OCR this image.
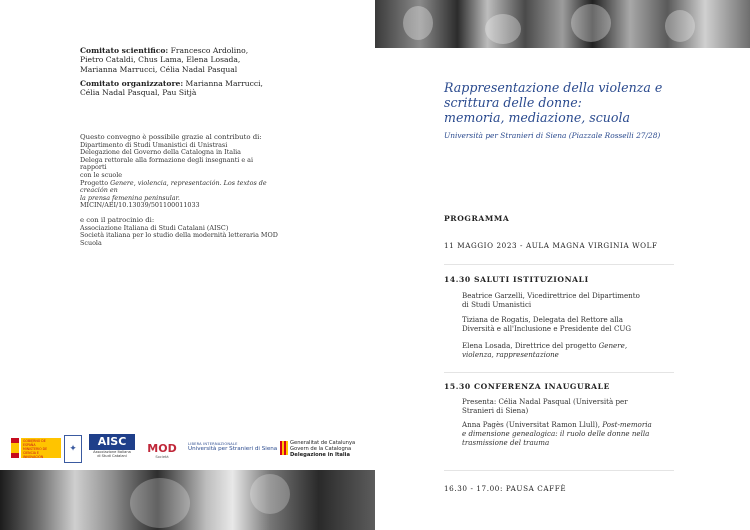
Comitato scientifico: Francesco Ardolino, Pietro Cataldi, Chus Lama, Elena Losada, Marianna Marrucci, Célia Nadal Pasqual
Comitato organizzatore: Marianna Marrucci, Célia Nadal Pasqual, Pau Sitjà
Questo convegno è possibile grazie al contributo di:
Dipartimento di Studi Umanistici di Unistrasi
Delegazione del Governo della Catalogna in Italia
Delega rettorale alla formazione degli insegnanti e ai rapporti
con le scuole
Progetto Genere, violencia, representación. Los textos de creación en
la prensa femenina peninsular. MICIN/AEI/10.13039/501100011033
e con il patrocinio di:
Associazione Italiana di Studi Catalani (AISC)
Società italiana per lo studio della modernità letteraria MOD
Scuola
GOBIERNO DE ESPAÑA
MINISTERIO DE CIENCIA E INNOVACIÓN
✦
AISC
Associazione Italiana
di Studi Catalani
MOD
Società
LIBERA INTERNAZIONALE
Università per Stranieri di Siena
Generalitat de Catalunya
Govern de la Catalogna
Delegazione in Italia
Rappresentazione della violenza e
scrittura delle donne:
memoria, mediazione, scuola
Università per Stranieri di Siena (Piazzale Rosselli 27/28)
PROGRAMMA
11 MAGGIO 2023 - AULA MAGNA VIRGINIA WOLF
14.30 SALUTI ISTITUZIONALI
Beatrice Garzelli, Vicedirettrice del Dipartimento
di Studi Umanistici
Tiziana de Rogatis, Delegata del Rettore alla
Diversità e all'Inclusione e Presidente del CUG
Elena Losada, Direttrice del progetto Genere,
violenza, rappresentazione
15.30 CONFERENZA INAUGURALE
Presenta: Célia Nadal Pasqual (Università per
Stranieri di Siena)
Anna Pagès (Universitat Ramon Llull), Post-memoria
e dimensione genealogica: il ruolo delle donne nella
trasmissione del trauma
16.30 - 17.00: PAUSA CAFFÈ
